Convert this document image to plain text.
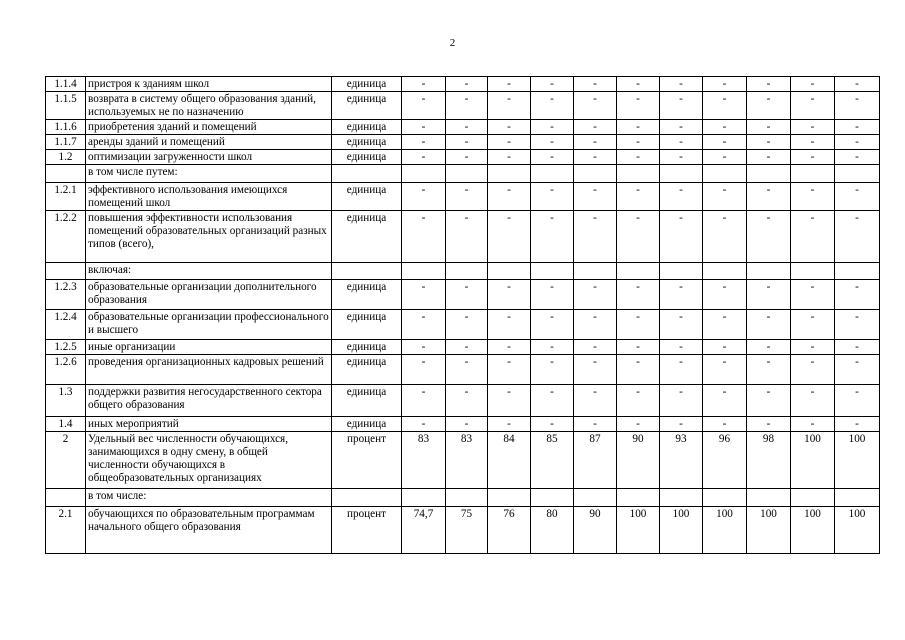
2
1.1.4	пристроя к зданиям школ	единица	-	-	-	-	-	-	-	-	-	-	-
1.1.5	возврата в систему общего образования зданий, используемых не по назначению	единица	-	-	-	-	-	-	-	-	-	-	-
1.1.6	приобретения зданий и помещений	единица	-	-	-	-	-	-	-	-	-	-	-
1.1.7	аренды зданий и помещений	единица	-	-	-	-	-	-	-	-	-	-	-
1.2	оптимизации загруженности школ	единица	-	-	-	-	-	-	-	-	-	-	-
	в том числе путем:												
1.2.1	эффективного использования имеющихся помещений школ	единица	-	-	-	-	-	-	-	-	-	-	-
1.2.2	повышения эффективности использования помещений образовательных организаций разных типов (всего),	единица	-	-	-	-	-	-	-	-	-	-	-
	включая:												
1.2.3	образовательные организации дополнительного образования	единица	-	-	-	-	-	-	-	-	-	-	-
1.2.4	образовательные организации профессионального и высшего	единица	-	-	-	-	-	-	-	-	-	-	-
1.2.5	иные организации	единица	-	-	-	-	-	-	-	-	-	-	-
1.2.6	проведения организационных кадровых решений	единица	-	-	-	-	-	-	-	-	-	-	-
1.3	поддержки развития негосударственного сектора общего образования	единица	-	-	-	-	-	-	-	-	-	-	-
1.4	иных мероприятий	единица	-	-	-	-	-	-	-	-	-	-	-
2	Удельный вес численности обучающихся, занимающихся в одну смену, в общей численности обучающихся в общеобразовательных организациях	процент	83	83	84	85	87	90	93	96	98	100	100
	в том числе:												
2.1	обучающихся по образовательным программам начального общего образования	процент	74,7	75	76	80	90	100	100	100	100	100	100
